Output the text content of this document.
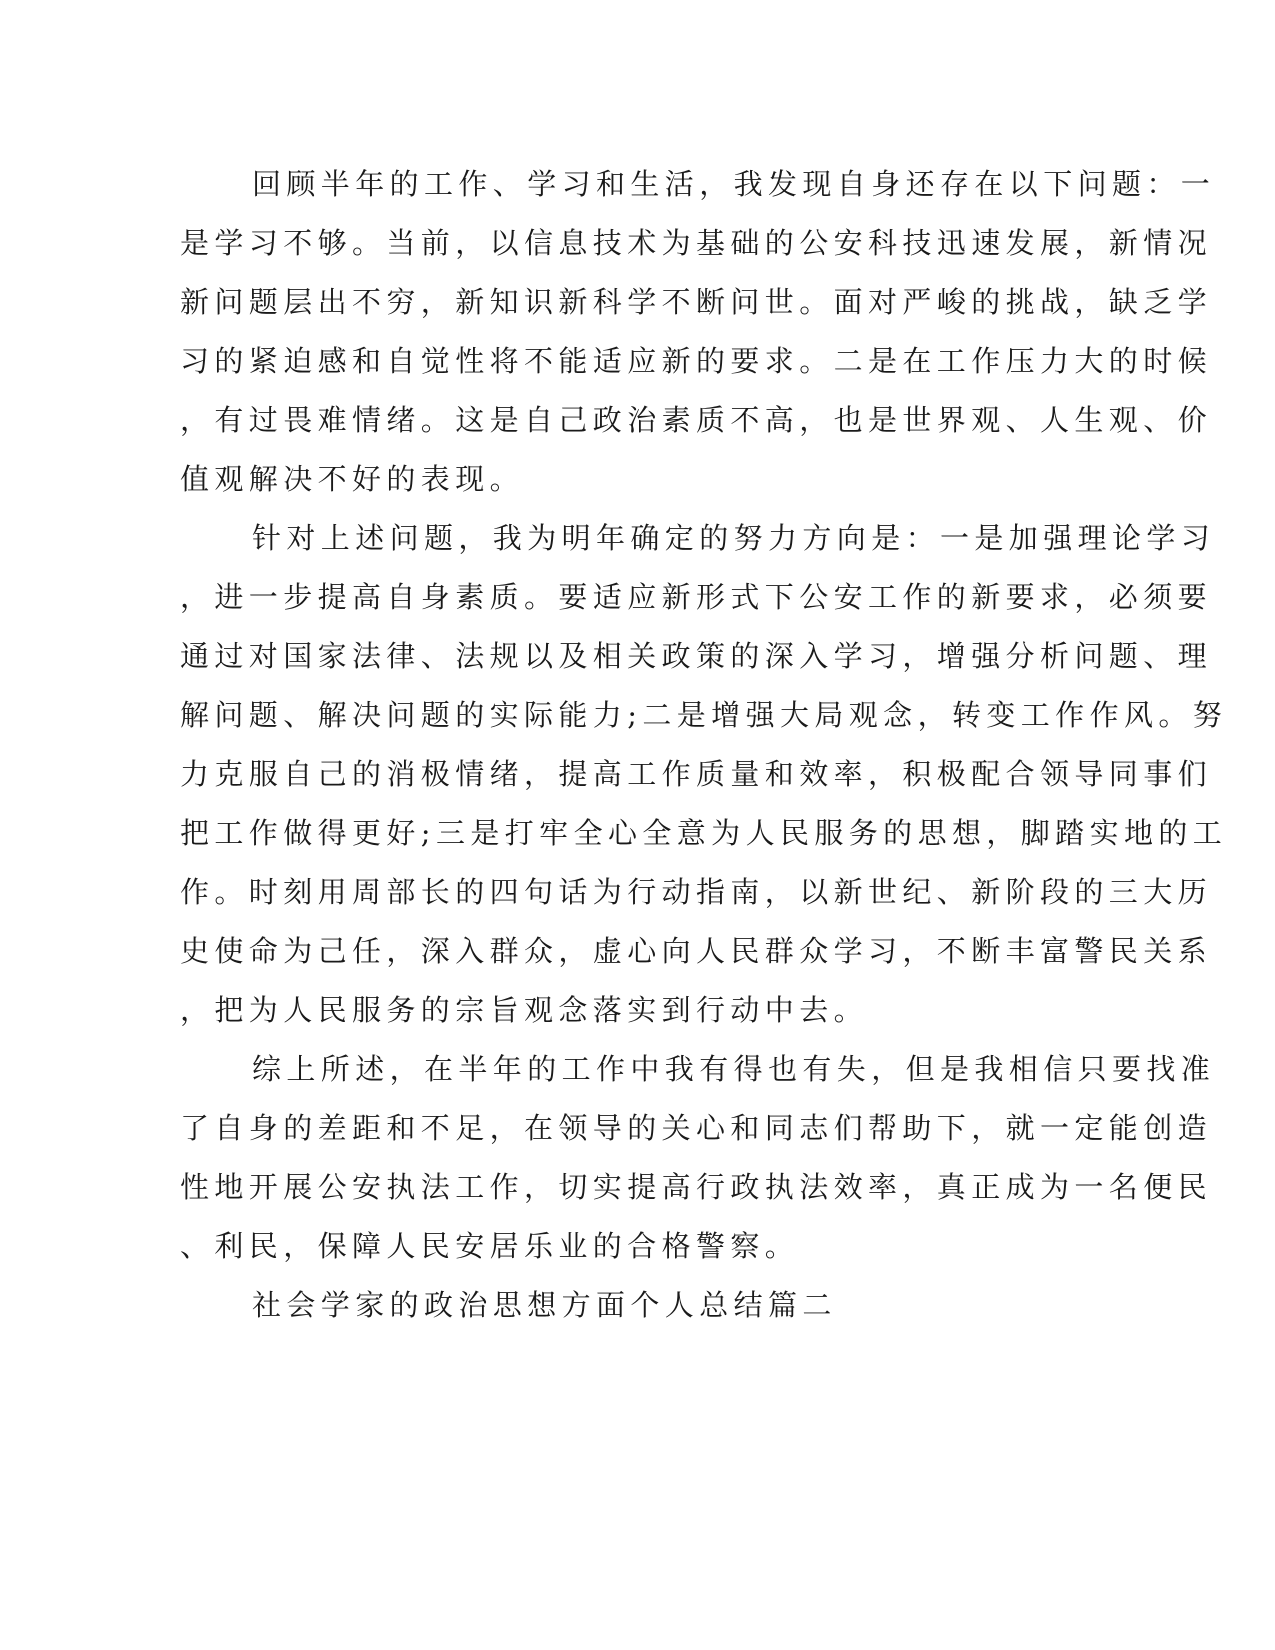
回顾半年的工作、学习和生活，我发现自身还存在以下问题：一
是学习不够。当前，以信息技术为基础的公安科技迅速发展，新情况
新问题层出不穷，新知识新科学不断问世。面对严峻的挑战，缺乏学
习的紧迫感和自觉性将不能适应新的要求。二是在工作压力大的时候
，有过畏难情绪。这是自己政治素质不高，也是世界观、人生观、价
值观解决不好的表现。
针对上述问题，我为明年确定的努力方向是：一是加强理论学习
，进一步提高自身素质。要适应新形式下公安工作的新要求，必须要
通过对国家法律、法规以及相关政策的深入学习，增强分析问题、理
解问题、解决问题的实际能力;二是增强大局观念，转变工作作风。努
力克服自己的消极情绪，提高工作质量和效率，积极配合领导同事们
把工作做得更好;三是打牢全心全意为人民服务的思想，脚踏实地的工
作。时刻用周部长的四句话为行动指南，以新世纪、新阶段的三大历
史使命为己任，深入群众，虚心向人民群众学习，不断丰富警民关系
，把为人民服务的宗旨观念落实到行动中去。
综上所述，在半年的工作中我有得也有失，但是我相信只要找准
了自身的差距和不足，在领导的关心和同志们帮助下，就一定能创造
性地开展公安执法工作，切实提高行政执法效率，真正成为一名便民
、利民，保障人民安居乐业的合格警察。
社会学家的政治思想方面个人总结篇二
